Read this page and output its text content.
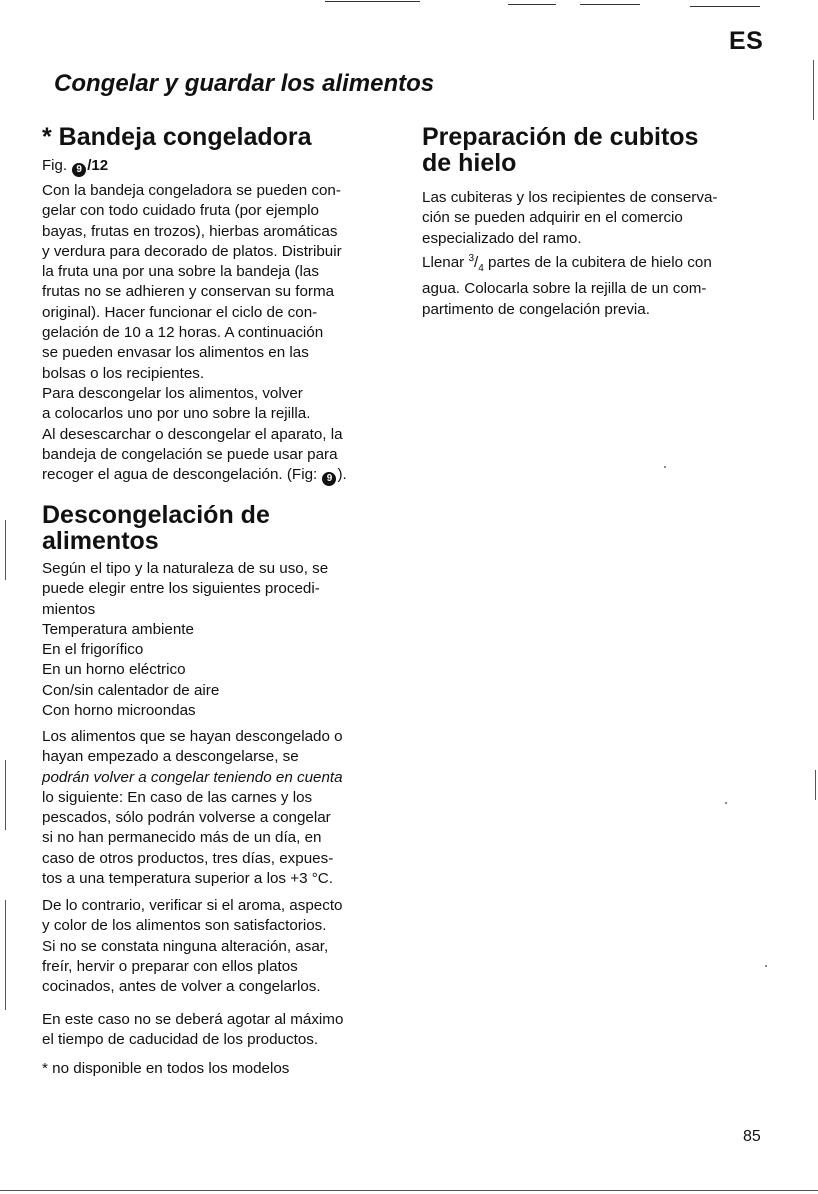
ES
Congelar y guardar los alimentos
* Bandeja congeladora
Fig. 9 /12
Con la bandeja congeladora se pueden con-
gelar con todo cuidado fruta (por ejemplo
bayas, frutas en trozos), hierbas aromáticas
y verdura para decorado de platos. Distribuir
la fruta una por una sobre la bandeja (las
frutas no se adhieren y conservan su forma
original). Hacer funcionar el ciclo de con-
gelación de 10 a 12 horas. A continuación
se pueden envasar los alimentos en las
bolsas o los recipientes.
Para descongelar los alimentos, volver
a colocarlos uno por uno sobre la rejilla.
Al desescarchar o descongelar el aparato, la
bandeja de congelación se puede usar para
recoger el agua de descongelación. (Fig: 9 ).
Descongelación de
alimentos
Según el tipo y la naturaleza de su uso, se
puede elegir entre los siguientes procedi-
mientos
Temperatura ambiente
En el frigorífico
En un horno eléctrico
Con/sin calentador de aire
Con horno microondas
Los alimentos que se hayan descongelado o
hayan empezado a descongelarse, se
podrán volver a congelar teniendo en cuenta
lo siguiente: En caso de las carnes y los
pescados, sólo podrán volverse a congelar
si no han permanecido más de un día, en
caso de otros productos, tres días, expues-
tos a una temperatura superior a los +3 °C.
De lo contrario, verificar si el aroma, aspecto
y color de los alimentos son satisfactorios.
Si no se constata ninguna alteración, asar,
freír, hervir o preparar con ellos platos
cocinados, antes de volver a congelarlos.
En este caso no se deberá agotar al máximo
el tiempo de caducidad de los productos.
* no disponible en todos los modelos
Preparación de cubitos
de hielo
Las cubiteras y los recipientes de conserva-
ción se pueden adquirir en el comercio
especializado del ramo.
Llenar $^3/_4$ partes de la cubitera de hielo con
agua. Colocarla sobre la rejilla de un com-
partimento de congelación previa.
85
